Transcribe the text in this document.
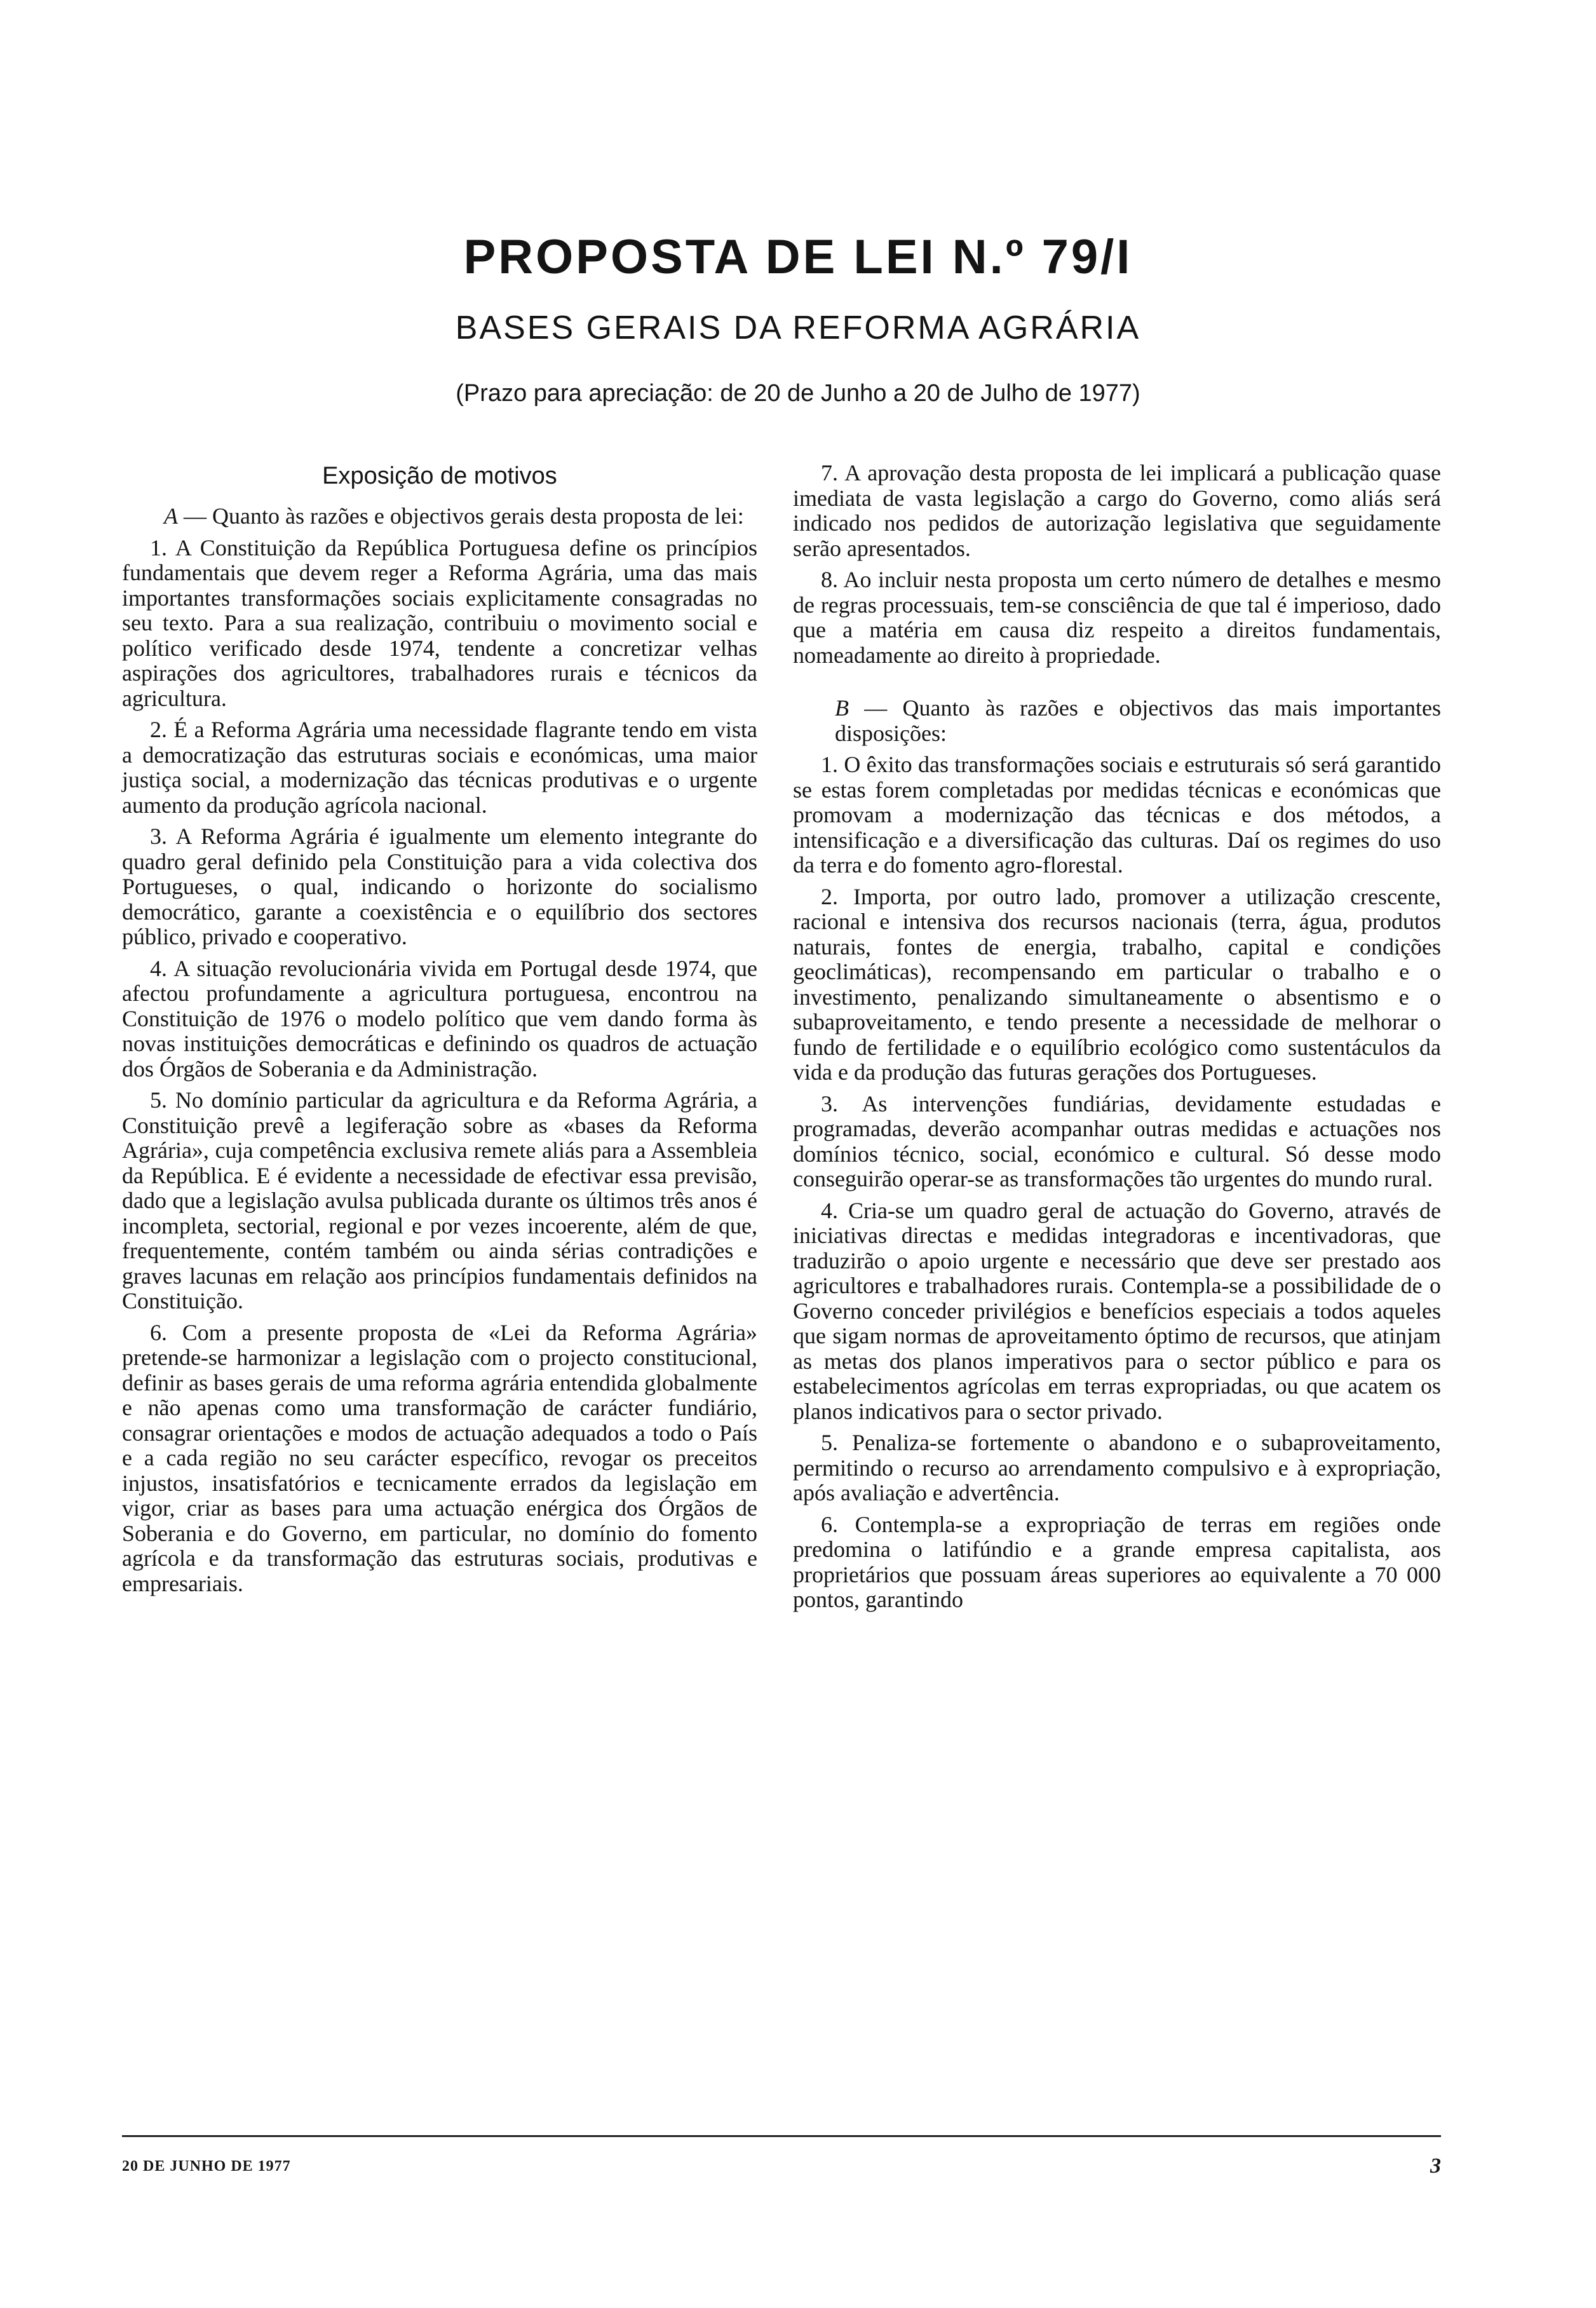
PROPOSTA DE LEI N.º 79/I
BASES GERAIS DA REFORMA AGRÁRIA
(Prazo para apreciação: de 20 de Junho a 20 de Julho de 1977)
Exposição de motivos

A — Quanto às razões e objectivos gerais desta proposta de lei:

1. A Constituição da República Portuguesa define os princípios fundamentais que devem reger a Reforma Agrária, uma das mais importantes transformações sociais explicitamente consagradas no seu texto. Para a sua realização, contribuiu o movimento social e político verificado desde 1974, tendente a concretizar velhas aspirações dos agricultores, trabalhadores rurais e técnicos da agricultura.

2. É a Reforma Agrária uma necessidade flagrante tendo em vista a democratização das estruturas sociais e económicas, uma maior justiça social, a modernização das técnicas produtivas e o urgente aumento da produção agrícola nacional.

3. A Reforma Agrária é igualmente um elemento integrante do quadro geral definido pela Constituição para a vida colectiva dos Portugueses, o qual, indicando o horizonte do socialismo democrático, garante a coexistência e o equilíbrio dos sectores público, privado e cooperativo.

4. A situação revolucionária vivida em Portugal desde 1974, que afectou profundamente a agricultura portuguesa, encontrou na Constituição de 1976 o modelo político que vem dando forma às novas instituições democráticas e definindo os quadros de actuação dos Órgãos de Soberania e da Administração.

5. No domínio particular da agricultura e da Reforma Agrária, a Constituição prevê a legiferação sobre as «bases da Reforma Agrária», cuja competência exclusiva remete aliás para a Assembleia da República. E é evidente a necessidade de efectivar essa previsão, dado que a legislação avulsa publicada durante os últimos três anos é incompleta, sectorial, regional e por vezes incoerente, além de que, frequentemente, contém também ou ainda sérias contradições e graves lacunas em relação aos princípios fundamentais definidos na Constituição.

6. Com a presente proposta de «Lei da Reforma Agrária» pretende-se harmonizar a legislação com o projecto constitucional, definir as bases gerais de uma reforma agrária entendida globalmente e não apenas como uma transformação de carácter fundiário, consagrar orientações e modos de actuação adequados a todo o País e a cada região no seu carácter específico, revogar os preceitos injustos, insatisfatórios e tecnicamente errados da legislação em vigor, criar as bases para uma actuação enérgica dos Órgãos de Soberania e do Governo, em particular, no domínio do fomento agrícola e da transformação das estruturas sociais, produtivas e empresariais.

7. A aprovação desta proposta de lei implicará a publicação quase imediata de vasta legislação a cargo do Governo, como aliás será indicado nos pedidos de autorização legislativa que seguidamente serão apresentados.

8. Ao incluir nesta proposta um certo número de detalhes e mesmo de regras processuais, tem-se consciência de que tal é imperioso, dado que a matéria em causa diz respeito a direitos fundamentais, nomeadamente ao direito à propriedade.

B — Quanto às razões e objectivos das mais importantes disposições:

1. O êxito das transformações sociais e estruturais só será garantido se estas forem completadas por medidas técnicas e económicas que promovam a modernização das técnicas e dos métodos, a intensificação e a diversificação das culturas. Daí os regimes do uso da terra e do fomento agro-florestal.

2. Importa, por outro lado, promover a utilização crescente, racional e intensiva dos recursos nacionais (terra, água, produtos naturais, fontes de energia, trabalho, capital e condições geoclimáticas), recompensando em particular o trabalho e o investimento, penalizando simultaneamente o absentismo e o subaproveitamento, e tendo presente a necessidade de melhorar o fundo de fertilidade e o equilíbrio ecológico como sustentáculos da vida e da produção das futuras gerações dos Portugueses.

3. As intervenções fundiárias, devidamente estudadas e programadas, deverão acompanhar outras medidas e actuações nos domínios técnico, social, económico e cultural. Só desse modo conseguirão operar-se as transformações tão urgentes do mundo rural.

4. Cria-se um quadro geral de actuação do Governo, através de iniciativas directas e medidas integradoras e incentivadoras, que traduzirão o apoio urgente e necessário que deve ser prestado aos agricultores e trabalhadores rurais. Contempla-se a possibilidade de o Governo conceder privilégios e benefícios especiais a todos aqueles que sigam normas de aproveitamento óptimo de recursos, que atinjam as metas dos planos imperativos para o sector público e para os estabelecimentos agrícolas em terras expropriadas, ou que acatem os planos indicativos para o sector privado.

5. Penaliza-se fortemente o abandono e o subaproveitamento, permitindo o recurso ao arrendamento compulsivo e à expropriação, após avaliação e advertência.

6. Contempla-se a expropriação de terras em regiões onde predomina o latifúndio e a grande empresa capitalista, aos proprietários que possuam áreas superiores ao equivalente a 70 000 pontos, garantindo

20 DE JUNHO DE 1977	3
